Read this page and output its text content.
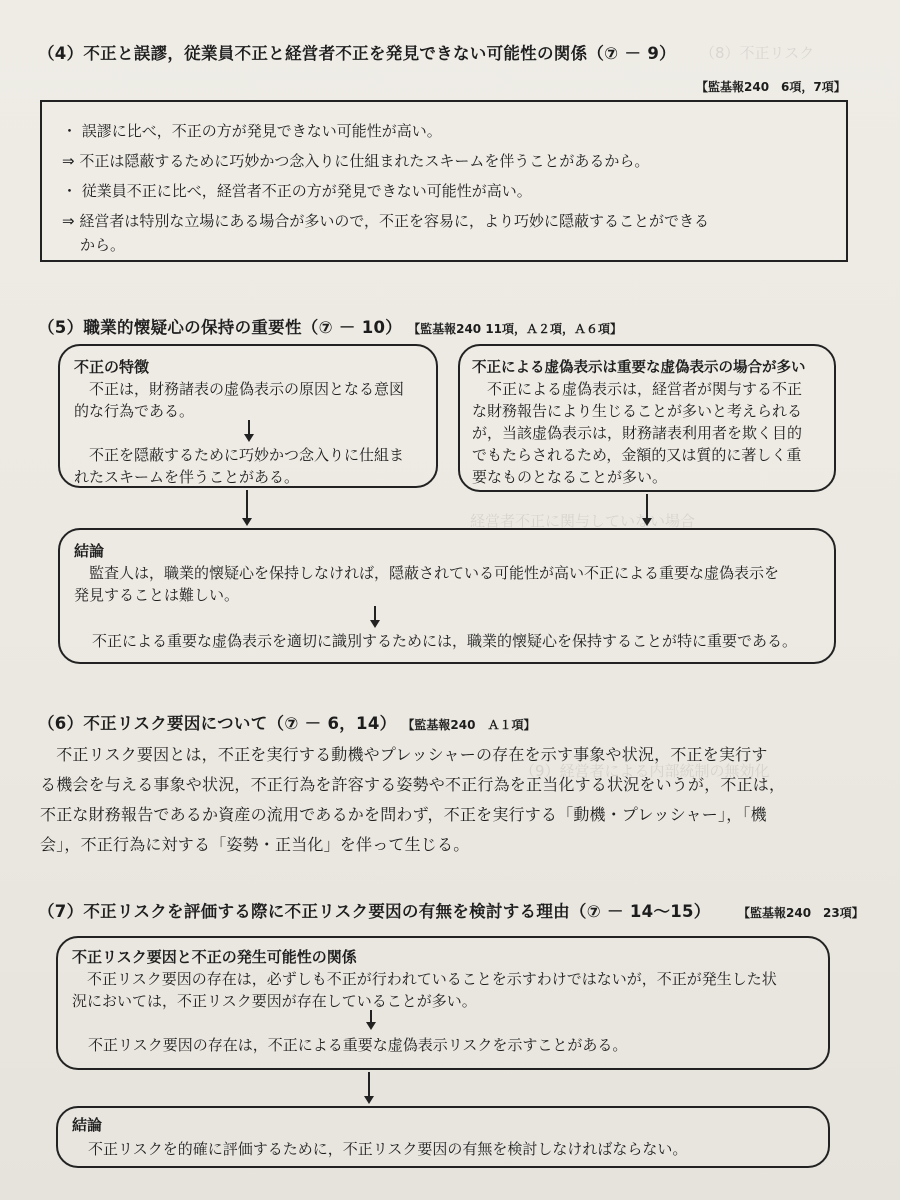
（8）不正リスク
経営者不正に関与していない場合
（9）経営者による内部統制の無効化
（4）不正と誤謬，従業員不正と経営者不正を発見できない可能性の関係（⑦ － 9）
【監基報240　6項，7項】
・ 誤謬に比べ，不正の方が発見できない可能性が高い。
⇒ 不正は隠蔽するために巧妙かつ念入りに仕組まれたスキームを伴うことがあるから。
・ 従業員不正に比べ，経営者不正の方が発見できない可能性が高い。
⇒ 経営者は特別な立場にある場合が多いので，不正を容易に，より巧妙に隠蔽することができる
から。
（5）職業的懐疑心の保持の重要性（⑦ － 10） 【監基報240 11項，Ａ２項，Ａ６項】
不正の特徴
　不正は，財務諸表の虚偽表示の原因となる意図
的な行為である。
　不正を隠蔽するために巧妙かつ念入りに仕組ま
れたスキームを伴うことがある。
不正による虚偽表示は重要な虚偽表示の場合が多い
　不正による虚偽表示は，経営者が関与する不正
な財務報告により生じることが多いと考えられる
が，当該虚偽表示は，財務諸表利用者を欺く目的
でもたらされるため，金額的又は質的に著しく重
要なものとなることが多い。
結論
　監査人は，職業的懐疑心を保持しなければ，隠蔽されている可能性が高い不正による重要な虚偽表示を
発見することは難しい。
不正による重要な虚偽表示を適切に識別するためには，職業的懐疑心を保持することが特に重要である。
（6）不正リスク要因について（⑦ － 6，14） 【監基報240　Ａ１項】
　不正リスク要因とは，不正を実行する動機やプレッシャーの存在を示す事象や状況，不正を実行す
る機会を与える事象や状況，不正行為を許容する姿勢や不正行為を正当化する状況をいうが，不正は，
不正な財務報告であるか資産の流用であるかを問わず，不正を実行する「動機・プレッシャー」，「機
会」，不正行為に対する「姿勢・正当化」を伴って生じる。
（7）不正リスクを評価する際に不正リスク要因の有無を検討する理由（⑦ － 14～15） 【監基報240　23項】
不正リスク要因と不正の発生可能性の関係
　不正リスク要因の存在は，必ずしも不正が行われていることを示すわけではないが，不正が発生した状
況においては，不正リスク要因が存在していることが多い。
不正リスク要因の存在は，不正による重要な虚偽表示リスクを示すことがある。
結論
不正リスクを的確に評価するために，不正リスク要因の有無を検討しなければならない。
